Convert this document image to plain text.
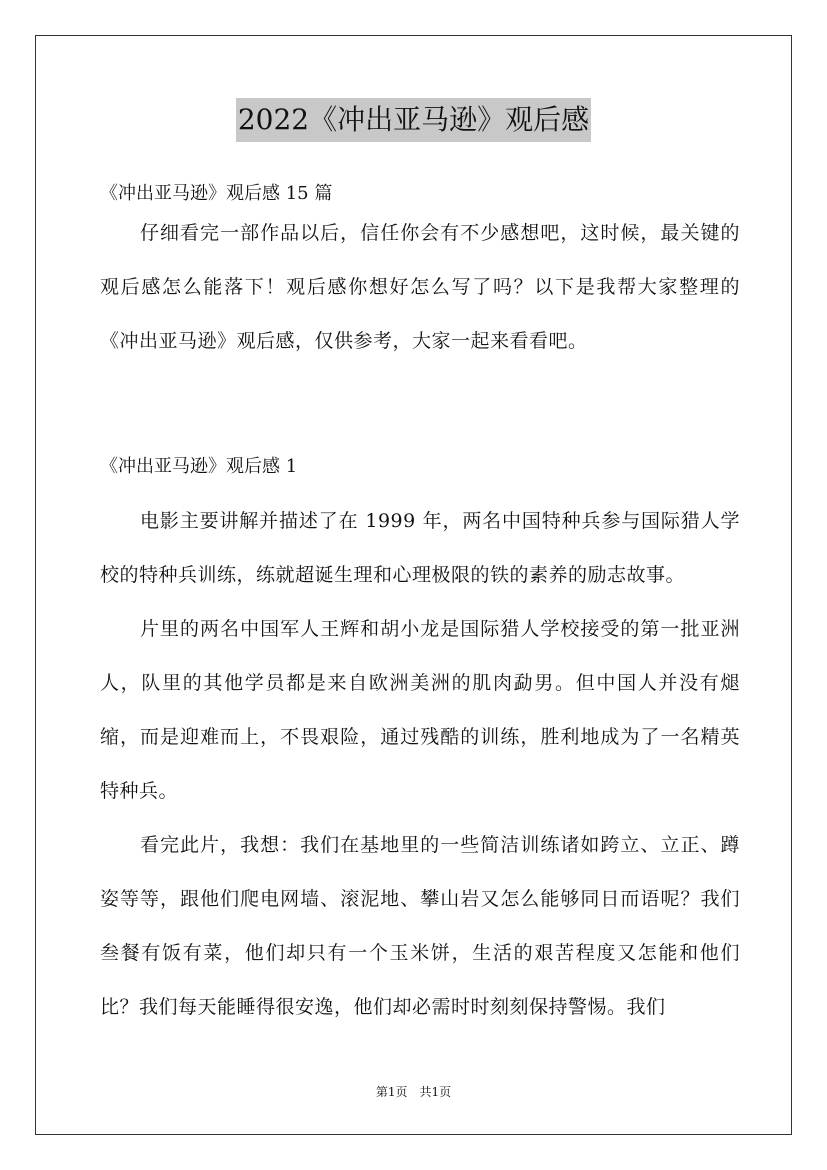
2022《冲出亚马逊》观后感
《冲出亚马逊》观后感 15 篇
仔细看完一部作品以后，信任你会有不少感想吧，这时候，最关键的观后感怎么能落下！观后感你想好怎么写了吗？以下是我帮大家整理的《冲出亚马逊》观后感，仅供参考，大家一起来看看吧。
《冲出亚马逊》观后感 1
电影主要讲解并描述了在 1999 年，两名中国特种兵参与国际猎人学校的特种兵训练，练就超诞生理和心理极限的铁的素养的励志故事。
片里的两名中国军人王辉和胡小龙是国际猎人学校接受的第一批亚洲人，队里的其他学员都是来自欧洲美洲的肌肉勐男。但中国人并没有煺缩，而是迎难而上，不畏艰险，通过残酷的训练，胜利地成为了一名精英特种兵。
看完此片，我想：我们在基地里的一些简洁训练诸如跨立、立正、蹲姿等等，跟他们爬电网墙、滚泥地、攀山岩又怎么能够同日而语呢？我们叁餐有饭有菜，他们却只有一个玉米饼，生活的艰苦程度又怎能和他们比？我们每天能睡得很安逸，他们却必需时时刻刻保持警惕。我们
第1页　共1页
